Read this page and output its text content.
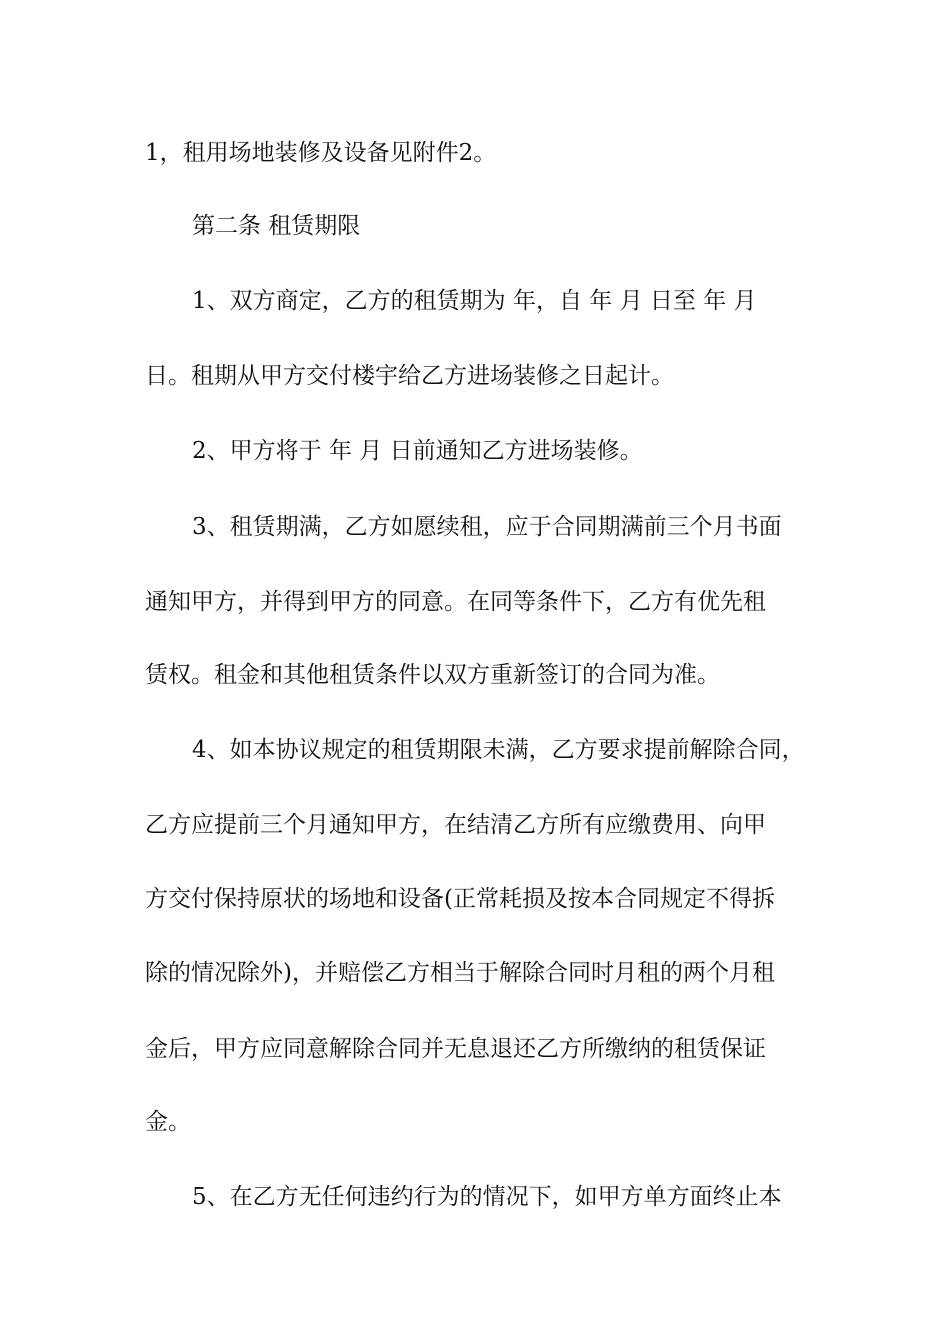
1，租用场地装修及设备见附件2。
第二条 租赁期限
1、双方商定，乙方的租赁期为 年，自 年 月 日至 年 月
日。租期从甲方交付楼宇给乙方进场装修之日起计。
2、甲方将于 年 月 日前通知乙方进场装修。
3、租赁期满，乙方如愿续租，应于合同期满前三个月书面
通知甲方，并得到甲方的同意。在同等条件下，乙方有优先租
赁权。租金和其他租赁条件以双方重新签订的合同为准。
4、如本协议规定的租赁期限未满，乙方要求提前解除合同，
乙方应提前三个月通知甲方，在结清乙方所有应缴费用、向甲
方交付保持原状的场地和设备(正常耗损及按本合同规定不得拆
除的情况除外)，并赔偿乙方相当于解除合同时月租的两个月租
金后，甲方应同意解除合同并无息退还乙方所缴纳的租赁保证
金。
5、在乙方无任何违约行为的情况下，如甲方单方面终止本
